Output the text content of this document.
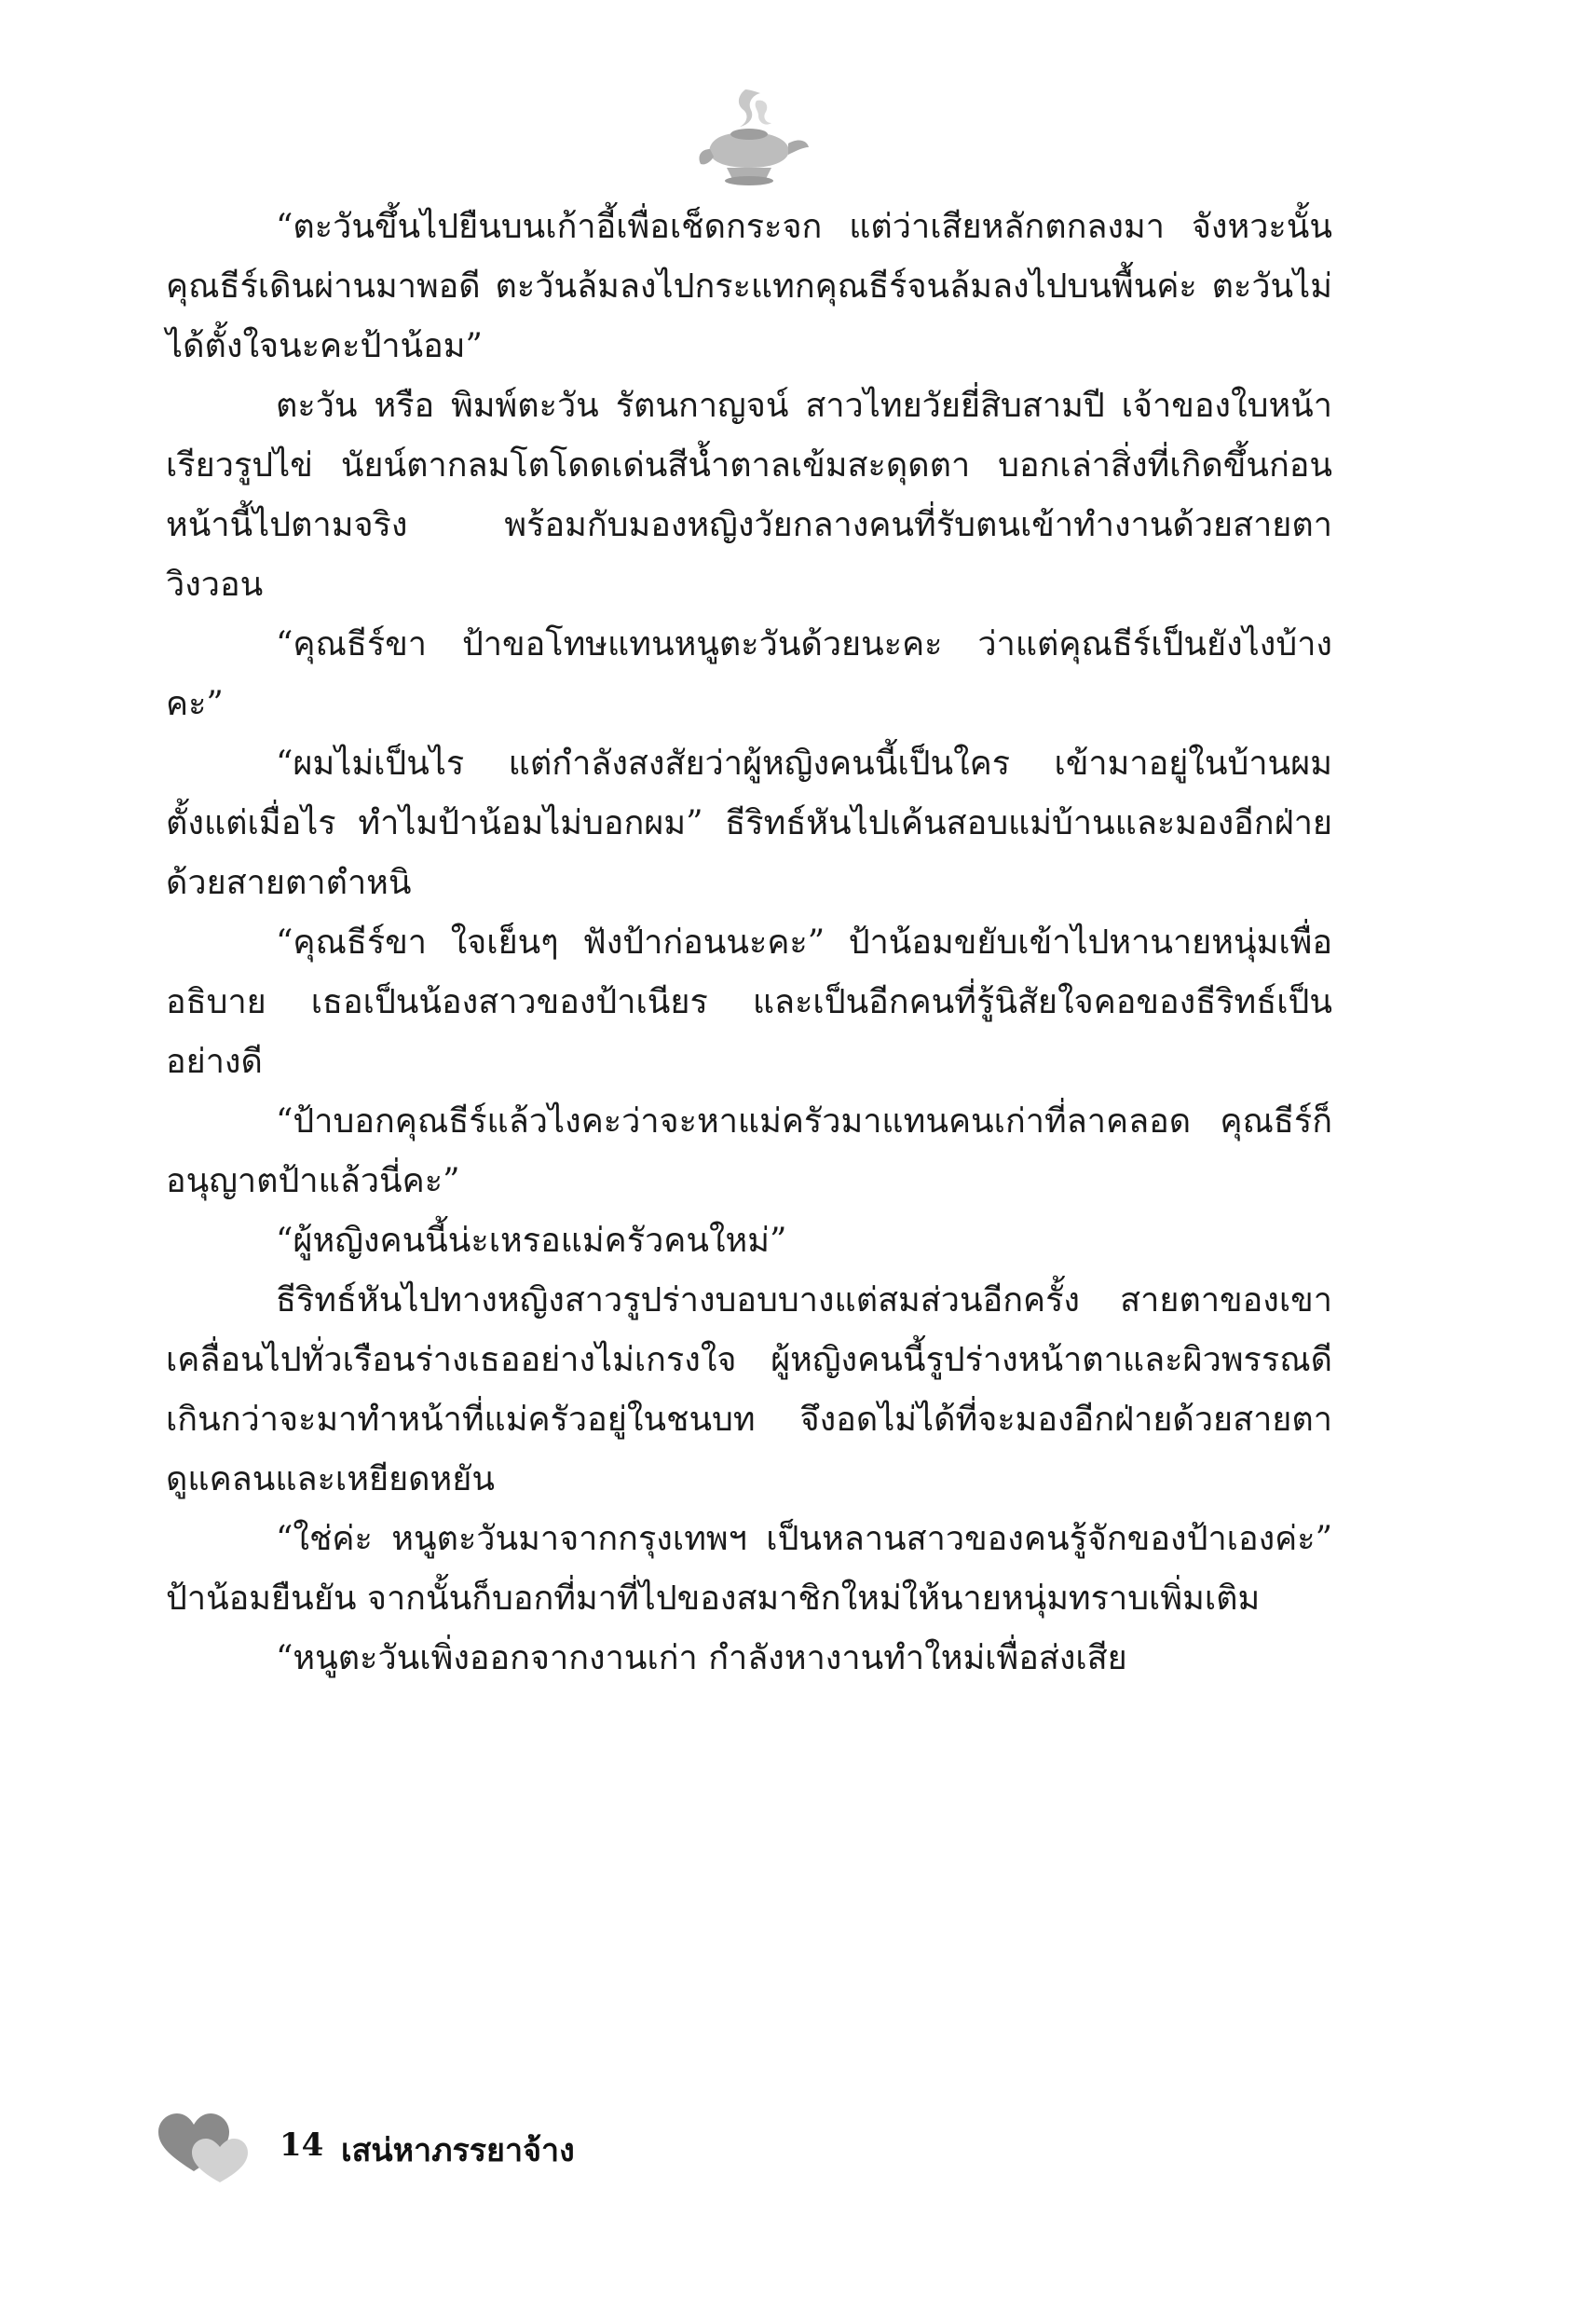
“ตะวันขึ้นไปยืนบนเก้าอี้เพื่อเช็ดกระจก แต่ว่าเสียหลักตกลงมา จังหวะนั้นคุณธีร์เดินผ่านมาพอดี ตะวันล้มลงไปกระแทกคุณธีร์จนล้มลงไปบนพื้นค่ะ ตะวันไม่ได้ตั้งใจนะคะป้าน้อม”

ตะวัน หรือ พิมพ์ตะวัน รัตนกาญจน์ สาวไทยวัยยี่สิบสามปี เจ้าของใบหน้าเรียวรูปไข่ นัยน์ตากลมโตโดดเด่นสีน้ำตาลเข้มสะดุดตา บอกเล่าสิ่งที่เกิดขึ้นก่อนหน้านี้ไปตามจริง พร้อมกับมองหญิงวัยกลางคนที่รับตนเข้าทำงานด้วยสายตาวิงวอน

“คุณธีร์ขา ป้าขอโทษแทนหนูตะวันด้วยนะคะ ว่าแต่คุณธีร์เป็นยังไงบ้างคะ”

“ผมไม่เป็นไร แต่กำลังสงสัยว่าผู้หญิงคนนี้เป็นใคร เข้ามาอยู่ในบ้านผมตั้งแต่เมื่อไร ทำไมป้าน้อมไม่บอกผม” ธีริทธ์หันไปเค้นสอบแม่บ้านและมองอีกฝ่ายด้วยสายตาตำหนิ

“คุณธีร์ขา ใจเย็นๆ ฟังป้าก่อนนะคะ” ป้าน้อมขยับเข้าไปหานายหนุ่มเพื่ออธิบาย เธอเป็นน้องสาวของป้าเนียร และเป็นอีกคนที่รู้นิสัยใจคอของธีริทธ์เป็นอย่างดี

“ป้าบอกคุณธีร์แล้วไงคะว่าจะหาแม่ครัวมาแทนคนเก่าที่ลาคลอด คุณธีร์ก็อนุญาตป้าแล้วนี่คะ”

“ผู้หญิงคนนี้น่ะเหรอแม่ครัวคนใหม่”

ธีริทธ์หันไปทางหญิงสาวรูปร่างบอบบางแต่สมส่วนอีกครั้ง สายตาของเขาเคลื่อนไปทั่วเรือนร่างเธออย่างไม่เกรงใจ ผู้หญิงคนนี้รูปร่างหน้าตาและผิวพรรณดีเกินกว่าจะมาทำหน้าที่แม่ครัวอยู่ในชนบท จึงอดไม่ได้ที่จะมองอีกฝ่ายด้วยสายตาดูแคลนและเหยียดหยัน

“ใช่ค่ะ หนูตะวันมาจากกรุงเทพฯ เป็นหลานสาวของคนรู้จักของป้าเองค่ะ” ป้าน้อมยืนยัน จากนั้นก็บอกที่มาที่ไปของสมาชิกใหม่ให้นายหนุ่มทราบเพิ่มเติม

“หนูตะวันเพิ่งออกจากงานเก่า กำลังหางานทำใหม่เพื่อส่งเสีย

14 เสน่หาภรรยาจ้าง
